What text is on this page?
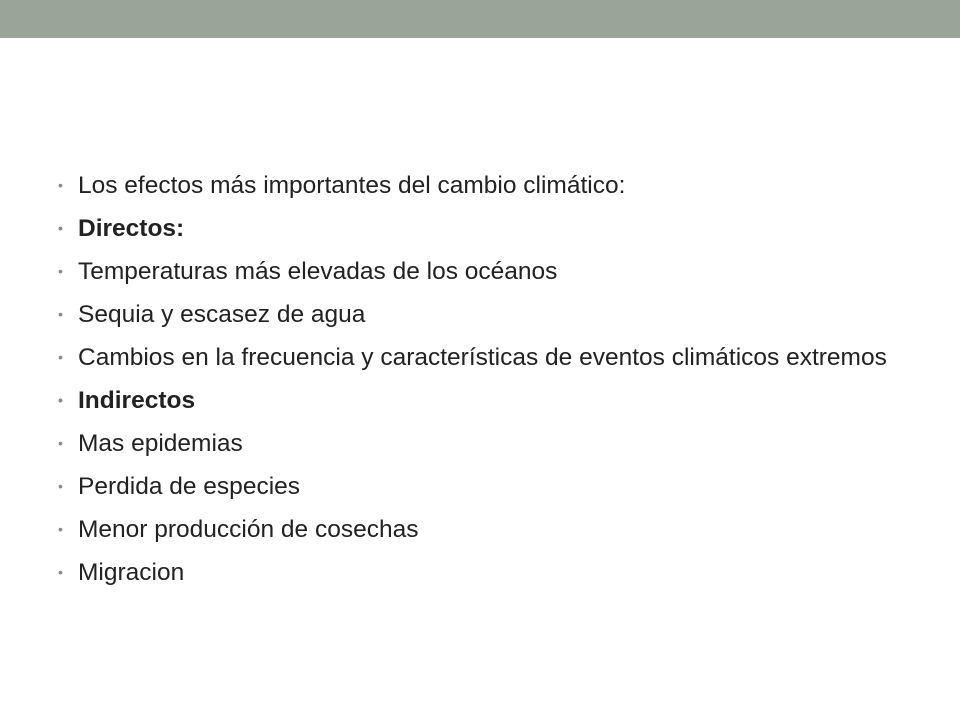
• Los efectos más importantes del cambio climático:
• Directos:
• Temperaturas más elevadas de los océanos
• Sequia y escasez de agua
• Cambios en la frecuencia y características de eventos climáticos extremos
• Indirectos
• Mas epidemias
• Perdida de especies
• Menor producción de cosechas
• Migracion
